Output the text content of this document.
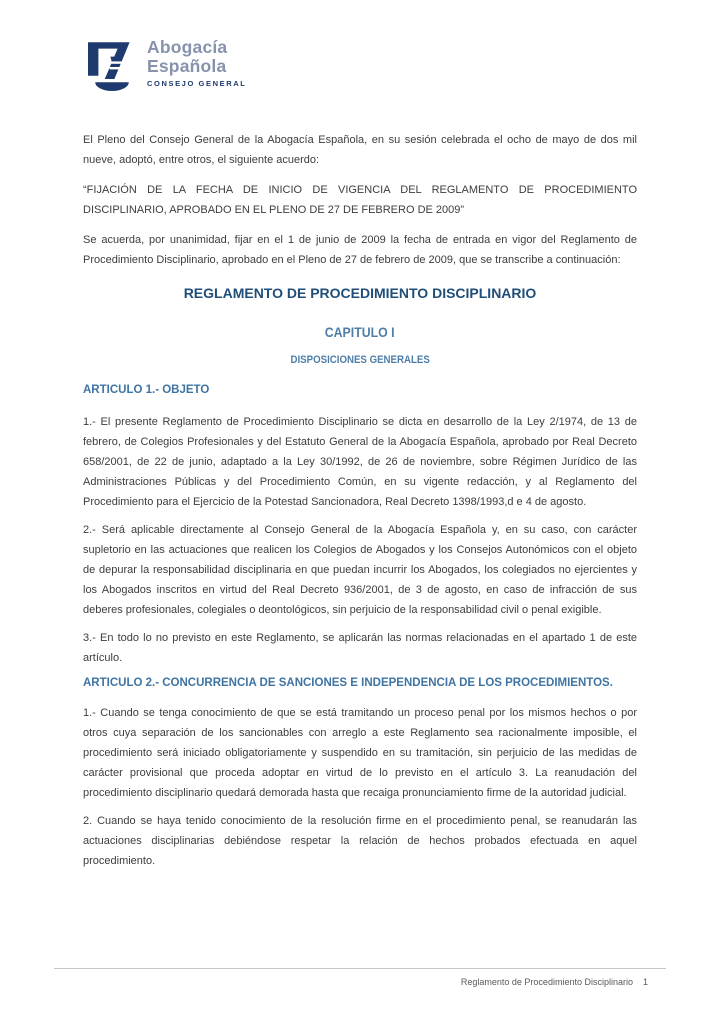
Abogacía
Española
CONSEJO GENERAL

El Pleno del Consejo General de la Abogacía Española, en su sesión celebrada el ocho de mayo de dos mil nueve, adoptó, entre otros, el siguiente acuerdo:

“FIJACIÓN DE LA FECHA DE INICIO DE VIGENCIA DEL REGLAMENTO DE PROCEDIMIENTO DISCIPLINARIO, APROBADO EN EL PLENO DE 27 DE FEBRERO DE 2009”

Se acuerda, por unanimidad, fijar en el 1 de junio de 2009 la fecha de entrada en vigor del Reglamento de Procedimiento Disciplinario, aprobado en el Pleno de 27 de febrero de 2009, que se transcribe a continuación:

REGLAMENTO DE PROCEDIMIENTO DISCIPLINARIO
CAPITULO I
DISPOSICIONES GENERALES
ARTICULO 1.- OBJETO

1.- El presente Reglamento de Procedimiento Disciplinario se dicta en desarrollo de la Ley 2/1974, de 13 de febrero, de Colegios Profesionales y del Estatuto General de la Abogacía Española, aprobado por Real Decreto 658/2001, de 22 de junio, adaptado a la Ley 30/1992, de 26 de noviembre, sobre Régimen Jurídico de las Administraciones Públicas y del Procedimiento Común, en su vigente redacción, y al Reglamento del Procedimiento para el Ejercicio de la Potestad Sancionadora, Real Decreto 1398/1993,d e 4 de agosto.

2.- Será aplicable directamente al Consejo General de la Abogacía Española y, en su caso, con carácter supletorio en las actuaciones que realicen los Colegios de Abogados y los Consejos Autonómicos con el objeto de depurar la responsabilidad disciplinaria en que puedan incurrir los Abogados, los colegiados no ejercientes y los Abogados inscritos en virtud del Real Decreto 936/2001, de 3 de agosto, en caso de infracción de sus deberes profesionales, colegiales o deontológicos, sin perjuicio de la responsabilidad civil o penal exigible.

3.- En todo lo no previsto en este Reglamento, se aplicarán las normas relacionadas en el apartado 1 de este artículo.

ARTICULO 2.- CONCURRENCIA DE SANCIONES E INDEPENDENCIA DE LOS PROCEDIMIENTOS.

1.- Cuando se tenga conocimiento de que se está tramitando un proceso penal por los mismos hechos o por otros cuya separación de los sancionables con arreglo a este Reglamento sea racionalmente imposible, el procedimiento será iniciado obligatoriamente y suspendido en su tramitación, sin perjuicio de las medidas de carácter provisional que proceda adoptar en virtud de lo previsto en el artículo 3. La reanudación del procedimiento disciplinario quedará demorada hasta que recaiga pronunciamiento firme de la autoridad judicial.

2. Cuando se haya tenido conocimiento de la resolución firme en el procedimiento penal, se reanudarán las actuaciones disciplinarias debiéndose respetar la relación de hechos probados efectuada en aquel procedimiento.

Reglamento de Procedimiento Disciplinario 1
